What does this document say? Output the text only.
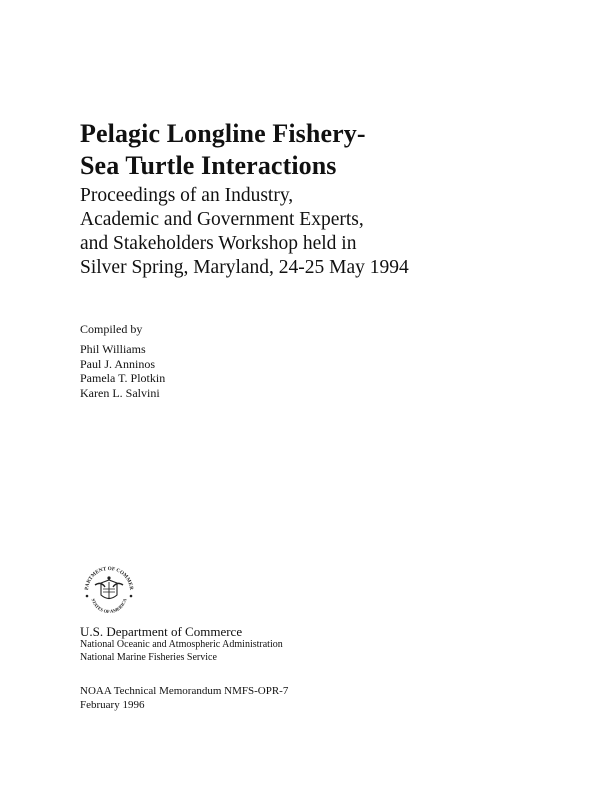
Pelagic Longline Fishery-
Sea Turtle Interactions
Proceedings of an Industry,
Academic and Government Experts,
and Stakeholders Workshop held in
Silver Spring, Maryland, 24-25 May 1994
Compiled by
Phil Williams
Paul J. Anninos
Pamela T. Plotkin
Karen L. Salvini
PARTMENT OF COMMER
STATES OF AMERICA
U.S. Department of Commerce
National Oceanic and Atmospheric Administration
National Marine Fisheries Service
NOAA Technical Memorandum NMFS-OPR-7
February 1996
